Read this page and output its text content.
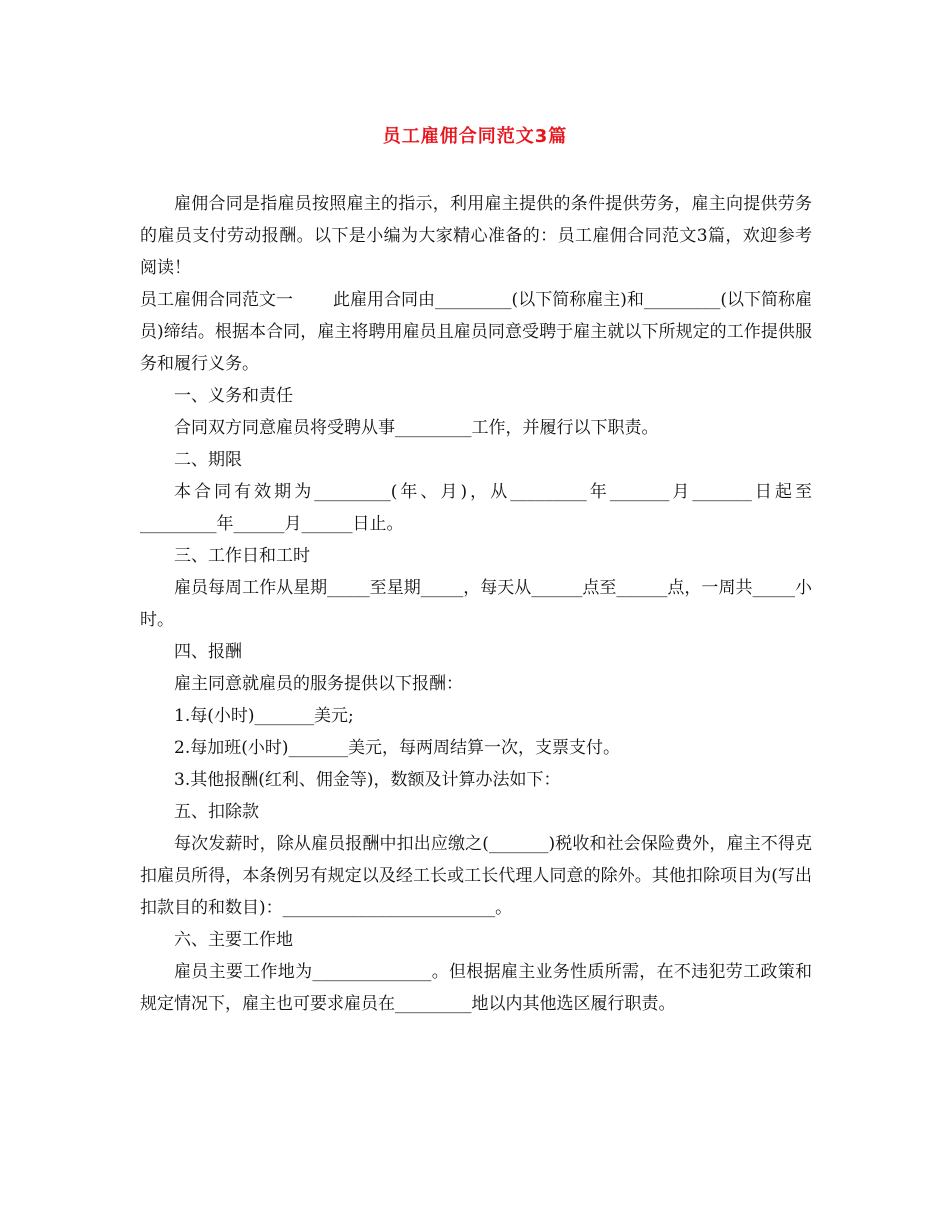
员工雇佣合同范文3篇

雇佣合同是指雇员按照雇主的指示，利用雇主提供的条件提供劳务，雇主向提供劳务的雇员支付劳动报酬。以下是小编为大家精心准备的：员工雇佣合同范文3篇，欢迎参考阅读！

员工雇佣合同范文一 此雇用合同由_________(以下简称雇主)和_________(以下简称雇员)缔结。根据本合同，雇主将聘用雇员且雇员同意受聘于雇主就以下所规定的工作提供服务和履行义务。

一、义务和责任

合同双方同意雇员将受聘从事_________工作，并履行以下职责。

二、期限

本合同有效期为_________(年、月)，从_________年_______月_______日起至_________年______月______日止。

三、工作日和工时

雇员每周工作从星期_____至星期_____，每天从______点至______点，一周共_____小时。

四、报酬

雇主同意就雇员的服务提供以下报酬：

1.每(小时)_______美元;

2.每加班(小时)_______美元，每两周结算一次，支票支付。

3.其他报酬(红利、佣金等)，数额及计算办法如下：

五、扣除款

每次发薪时，除从雇员报酬中扣出应缴之(_______)税收和社会保险费外，雇主不得克扣雇员所得，本条例另有规定以及经工长或工长代理人同意的除外。其他扣除项目为(写出扣款目的和数目)：_________________________。

六、主要工作地

雇员主要工作地为______________。但根据雇主业务性质所需，在不违犯劳工政策和规定情况下，雇主也可要求雇员在_________地以内其他选区履行职责。
